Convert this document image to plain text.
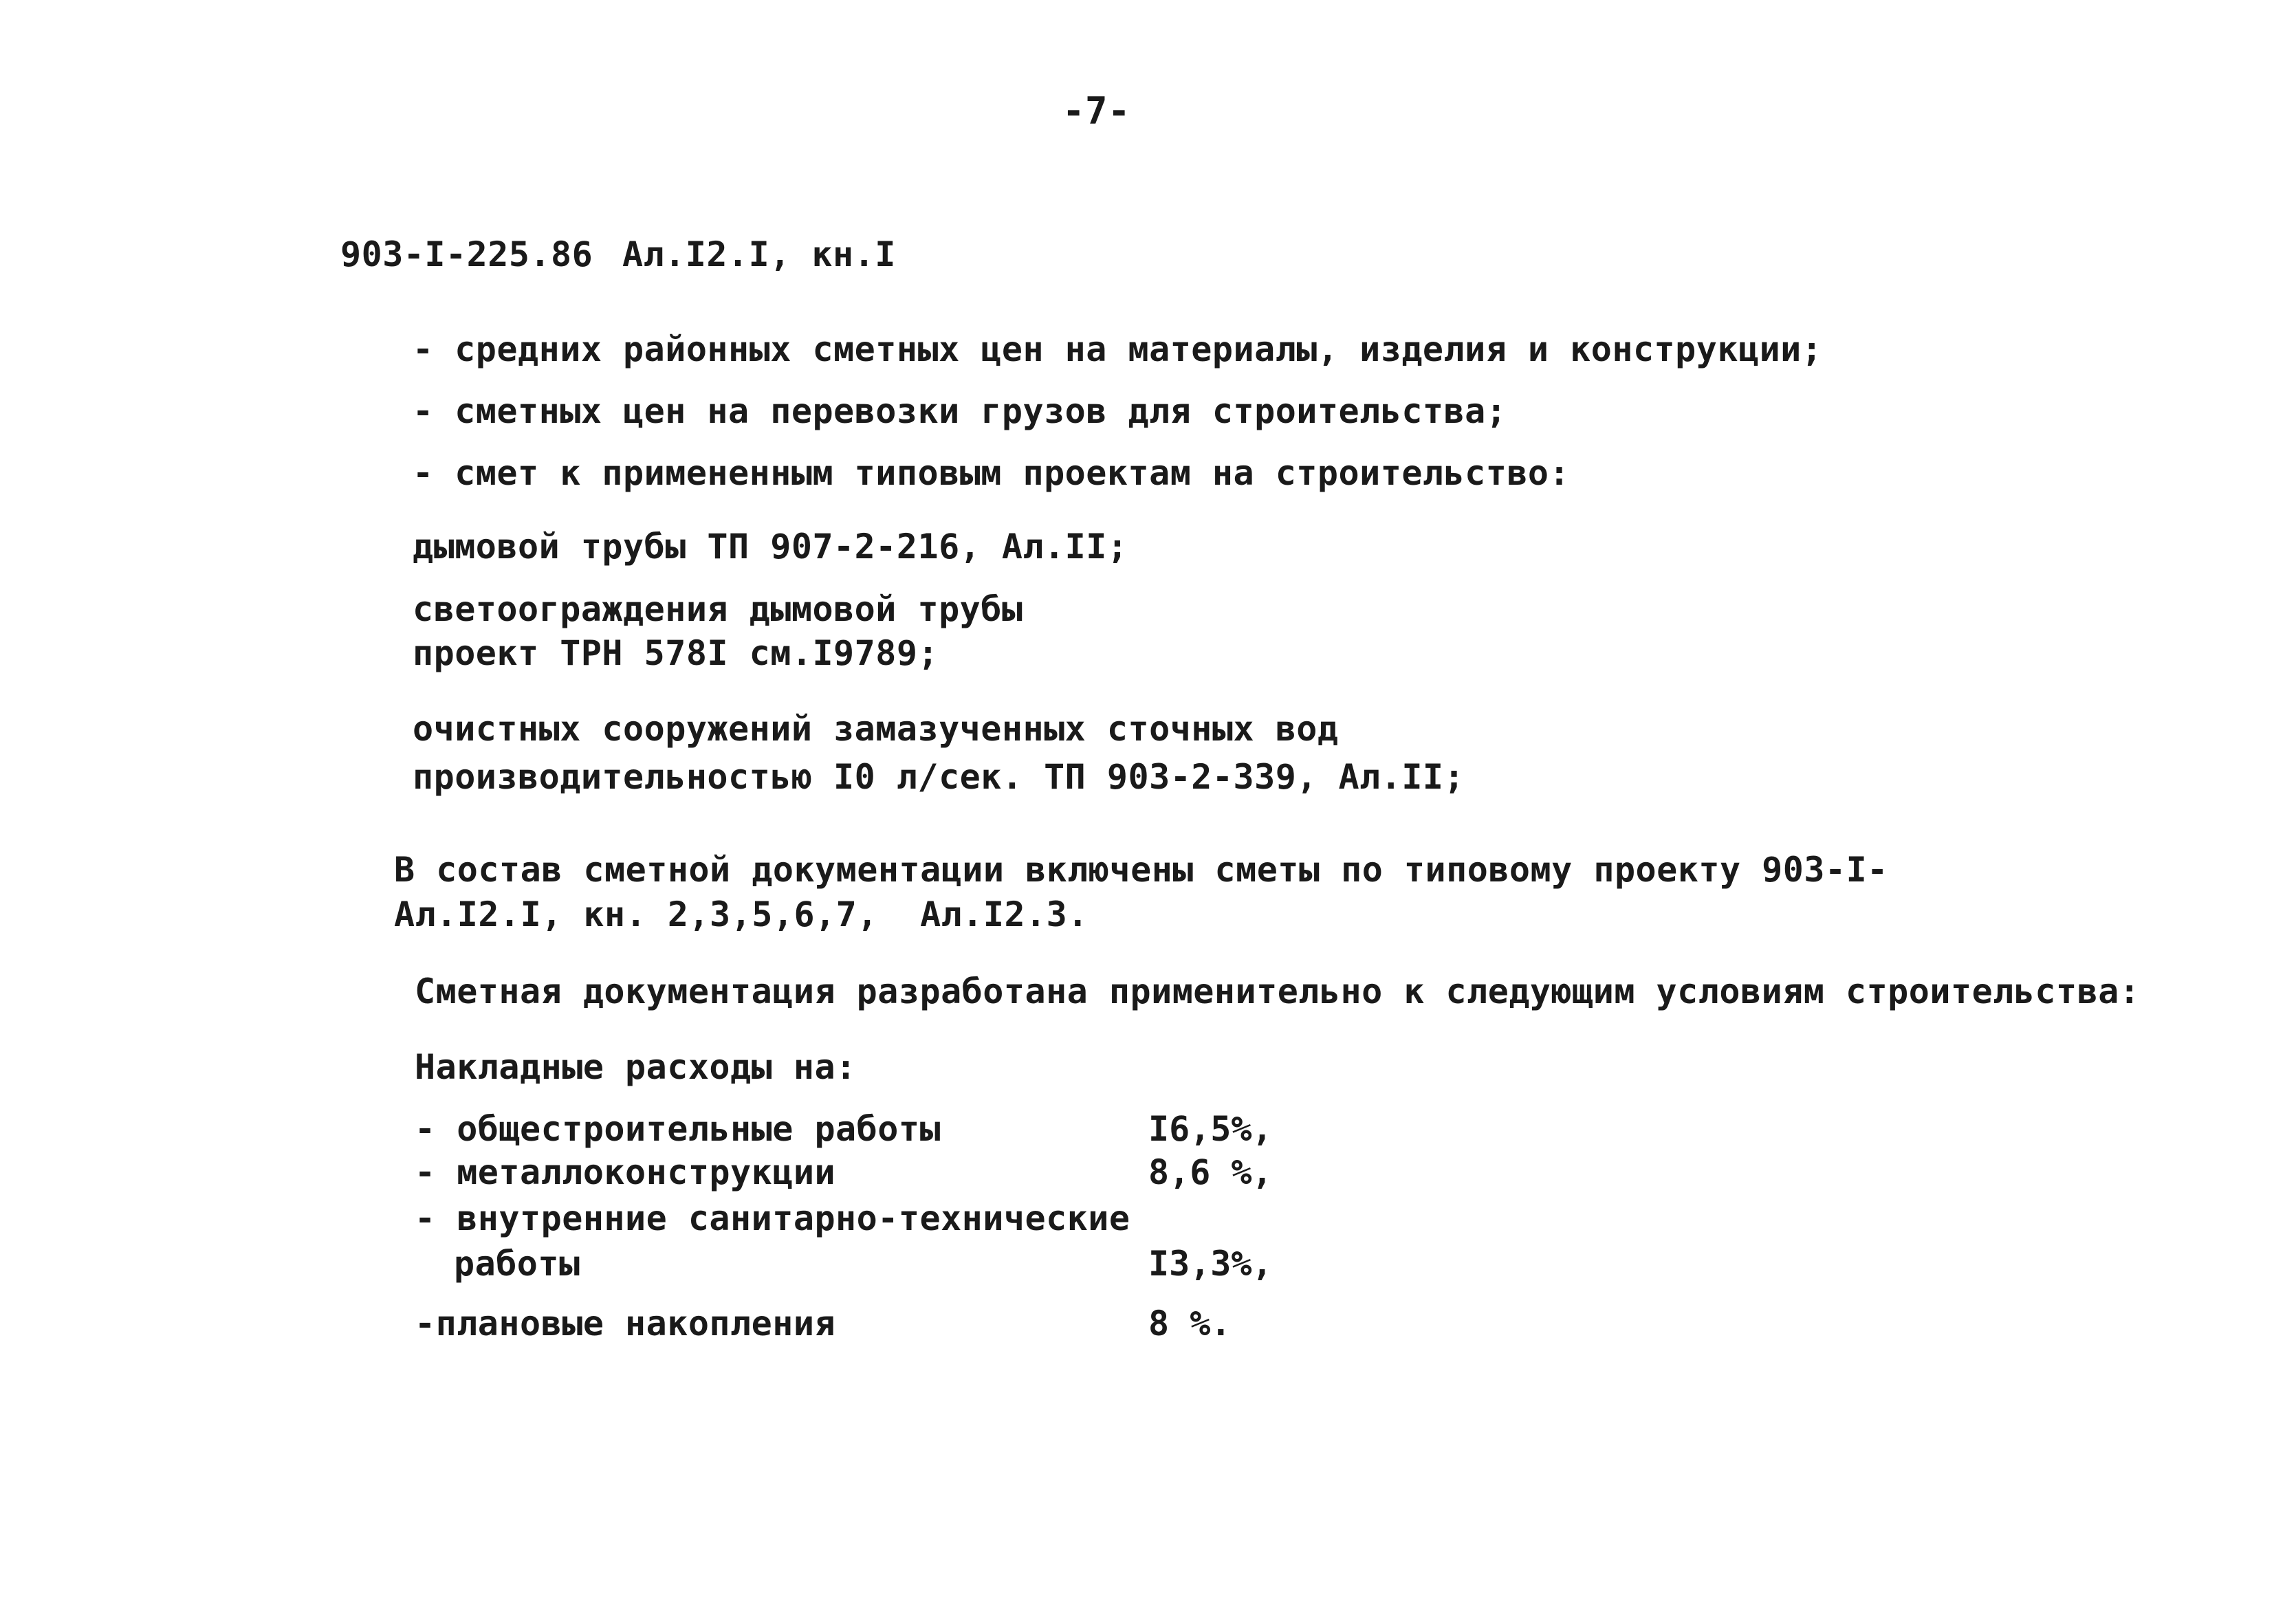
-7-
903-I-225.86 Ал.I2.I, кн.I
- средних районных сметных цен на материалы, изделия и конструкции;
- сметных цен на перевозки грузов для строительства;
- смет к примененным типовым проектам на строительство:
дымовой трубы ТП 907-2-216, Ал.II;
светоограждения дымовой трубы
проект ТРН 578I см.I9789;
очистных сооружений замазученных сточных вод
производительностью I0 л/сек. ТП 903-2-339, Ал.II;
В состав сметной документации включены сметы по типовому проекту 903-I-
Ал.I2.I, кн. 2,3,5,6,7,  Ал.I2.3.
Сметная документация разработана применительно к следующим условиям строительства:
Накладные расходы на:
- общестроительные работы	I6,5%,
- металлоконструкции	8,6 %,
- внутренние санитарно-технические
работы	I3,3%,
-плановые накопления	8 %.
